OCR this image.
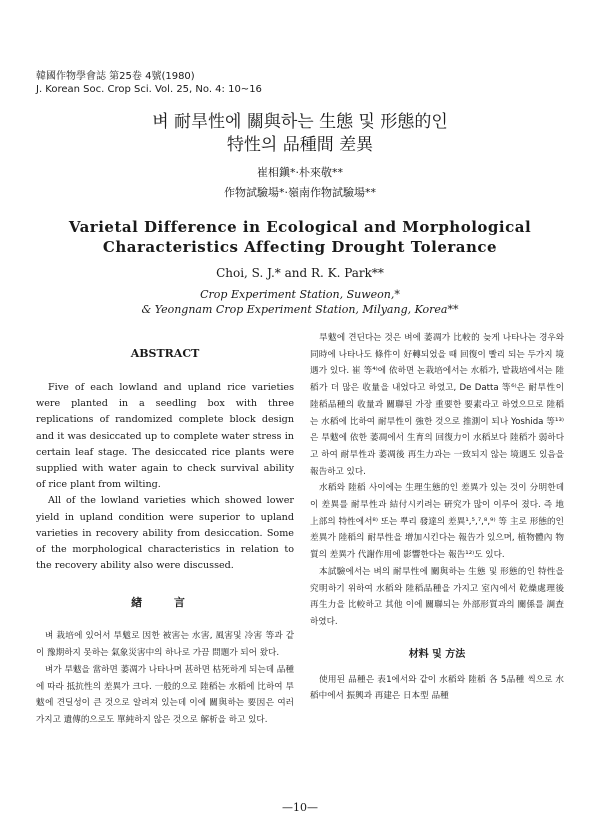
韓國作物學會誌 第25卷 4號(1980)
J. Korean Soc. Crop Sci. Vol. 25, No. 4: 10~16
벼 耐旱性에 關與하는 生態 및 形態的인
特性의 品種間 差異
崔相鎭*·朴來敬**
作物試驗場*·嶺南作物試驗場**
Varietal Difference in Ecological and Morphological
Characteristics Affecting Drought Tolerance
Choi, S. J.* and R. K. Park**
Crop Experiment Station, Suweon,*
& Yeongnam Crop Experiment Station, Milyang, Korea**

ABSTRACT

Five of each lowland and upland rice varieties were planted in a seedling box with three replications of randomized complete block design and it was desiccated up to complete water stress in certain leaf stage. The desiccated rice plants were supplied with water again to check survival ability of rice plant from wilting.

All of the lowland varieties which showed lower yield in upland condition were superior to upland varieties in recovery ability from desiccation. Some of the morphological characteristics in relation to the recovery ability also were discussed.

緖 言

벼 栽培에 있어서 旱魃로 因한 被害는 水害, 風害및 冷害 等과 같이 豫期하지 못하는 氣象災害中의 하나로 가끔 問題가 되어 왔다.

벼가 旱魃을 當하면 萎凋가 나타나며 甚하면 枯死하게 되는데 品種에 따라 抵抗性의 差異가 크다. 一般的으로 陸稻는 水稻에 比하여 旱魃에 견딜성이 큰 것으로 알려져 있는데 이에 關與하는 要因은 여러가지고 遺傳的으로도 單純하지 않은 것으로 解析을 하고 있다.

旱魃에 견딘다는 것은 벼에 萎凋가 比較的 늦게 나타나는 경우와 同時에 나타나도 條件이 好轉되었을 때 回復이 빨리 되는 두가지 境遇가 있다. 崔 等⁴⁾에 依하면 논栽培에서는 水稻가, 밭栽培에서는 陸稻가 더 많은 收量을 내었다고 하였고, De Datta 等⁶⁾은 耐旱性이 陸稻品種의 收量과 關聯된 가장 重要한 要素라고 하였으므로 陸稻는 水稻에 比하여 耐旱性이 強한 것으로 推測이 되나 Yoshida 等¹³⁾은 旱魃에 依한 萎凋에서 生育의 回復力이 水稻보다 陸稻가 弱하다고 하여 耐旱性과 萎凋後 再生力과는 一致되지 않는 境遇도 있음을 報告하고 있다.

水稻와 陸稻 사이에는 生理生態的인 差異가 있는 것이 分明한데 이 差異를 耐旱性과 結付시키려는 硏究가 많이 이루어 졌다. 즉 地上部의 特性에서⁸⁾ 또는 뿌리 發達의 差異¹,⁵,⁷,⁸,⁹⁾ 等 主로 形態的인 差異가 陸稻의 耐旱性을 增加시킨다는 報告가 있으며, 植物體內 物質의 差異가 代謝作用에 影響한다는 報告¹²⁾도 있다.

本試驗에서는 벼의 耐旱性에 關與하는 生態 및 形態的인 特性을 究明하기 위하여 水稻와 陸稻品種을 가지고 室內에서 乾燥處理後 再生力을 比較하고 其他 이에 關聯되는 外部形質과의 關係를 調査하였다.

材料 및 方法

使用된 品種은 表1에서와 같이 水稻와 陸稻 各 5品種 씩으로 水稻中에서 振興과 再建은 日本型 品種

—10—
